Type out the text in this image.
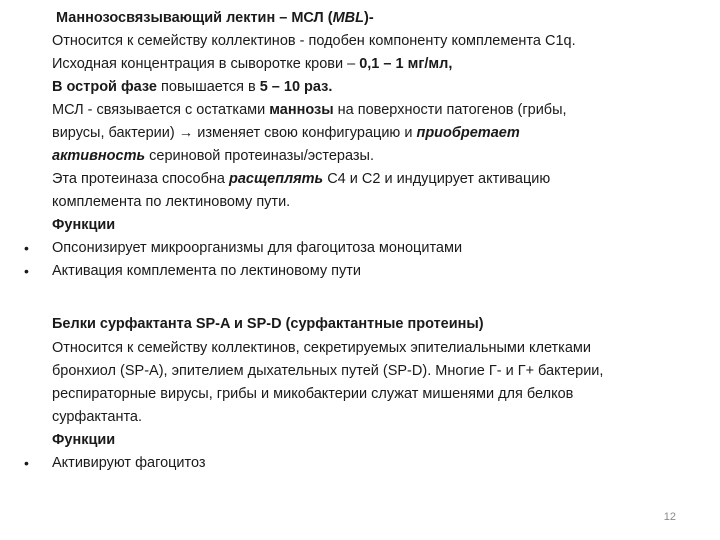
Маннозосвязывающий лектин – МСЛ (MBL)-
Относится к семейству коллектинов - подобен компоненту комплемента С1q.
Исходная концентрация в сыворотке крови – 0,1 – 1 мг/мл,
В острой фазе повышается в 5 – 10 раз.
МСЛ - связывается с остатками маннозы на поверхности патогенов (грибы,
вирусы, бактерии) → изменяет свою конфигурацию и приобретает
активность сериновой протеиназы/эстеразы.
Эта протеиназа способна расщеплять С4 и С2 и индуцирует активацию
комплемента по лектиновому пути.
Функции
• Опсонизирует микроорганизмы для фагоцитоза моноцитами
• Активация комплемента по лектиновому пути
Белки сурфактанта SP-A и SP-D (сурфактантные протеины)
Относится к семейству коллектинов, секретируемых эпителиальными клетками
бронхиол (SP-A), эпителием дыхательных путей (SP-D). Многие Г- и Г+ бактерии,
респираторные вирусы, грибы и микобактерии служат мишенями для белков
сурфактанта.
Функции
• Активируют фагоцитоз
12
